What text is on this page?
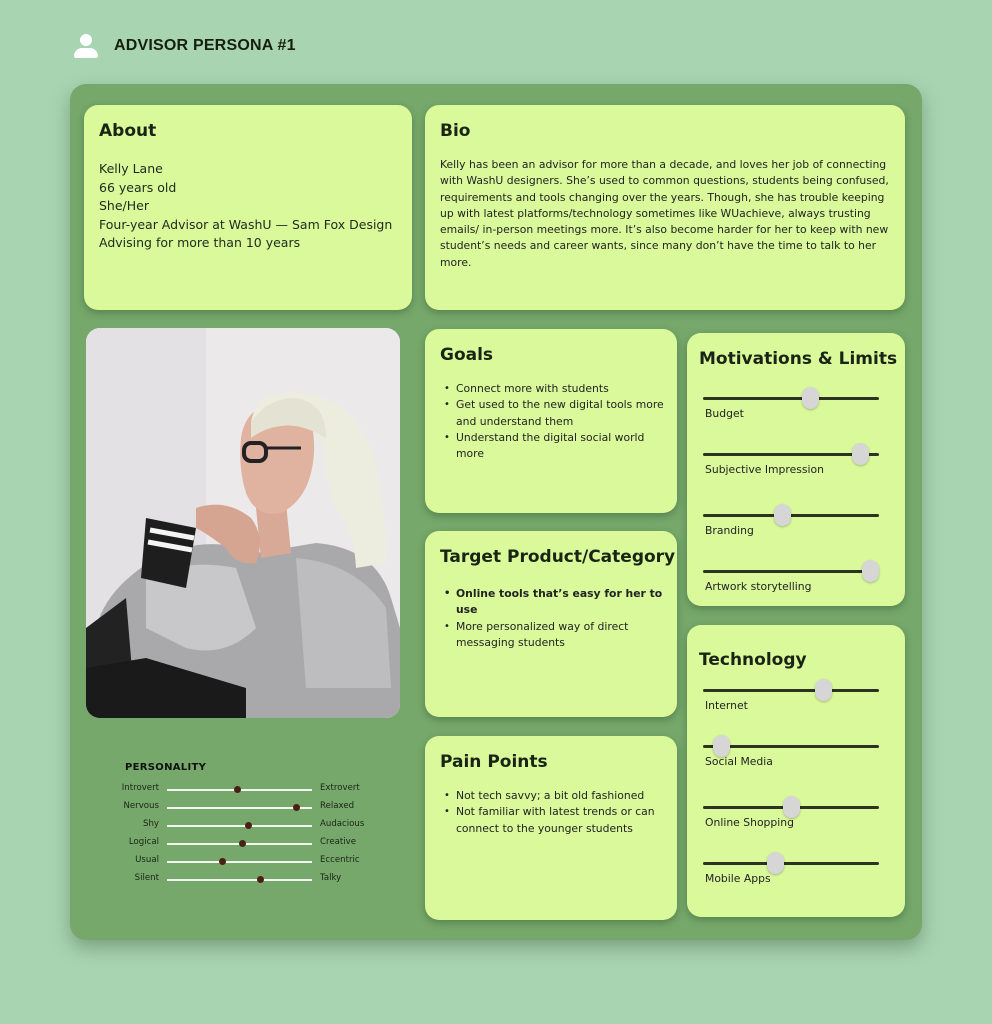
ADVISOR PERSONA #1
About
Kelly Lane
66 years old
She/Her
Four-year Advisor at WashU — Sam Fox Design
Advising for more than 10 years
Bio
Kelly has been an advisor for more than a decade, and loves her job of connecting with WashU designers. She’s used to common questions, students being confused, requirements and tools changing over the years. Though, she has trouble keeping up with latest platforms/technology sometimes like WUachieve, always trusting emails/ in-person meetings more. It’s also become harder for her to keep with new student’s needs and career wants, since many don’t have the time to talk to her more.
Goals
• Connect more with students
• Get used to the new digital tools more and understand them
• Understand the digital social world more
Target Product/Category
• Online tools that’s easy for her to use
• More personalized way of direct messaging students
Pain Points
• Not tech savvy; a bit old fashioned
• Not familiar with latest trends or can connect to the younger students
Motivations & Limits
Budget
Subjective Impression
Branding
Artwork storytelling
Technology
Internet
Social Media
Online Shopping
Mobile Apps
PERSONALITY
Introvert	Extrovert
Nervous	Relaxed
Shy	Audacious
Logical	Creative
Usual	Eccentric
Silent	Talky
